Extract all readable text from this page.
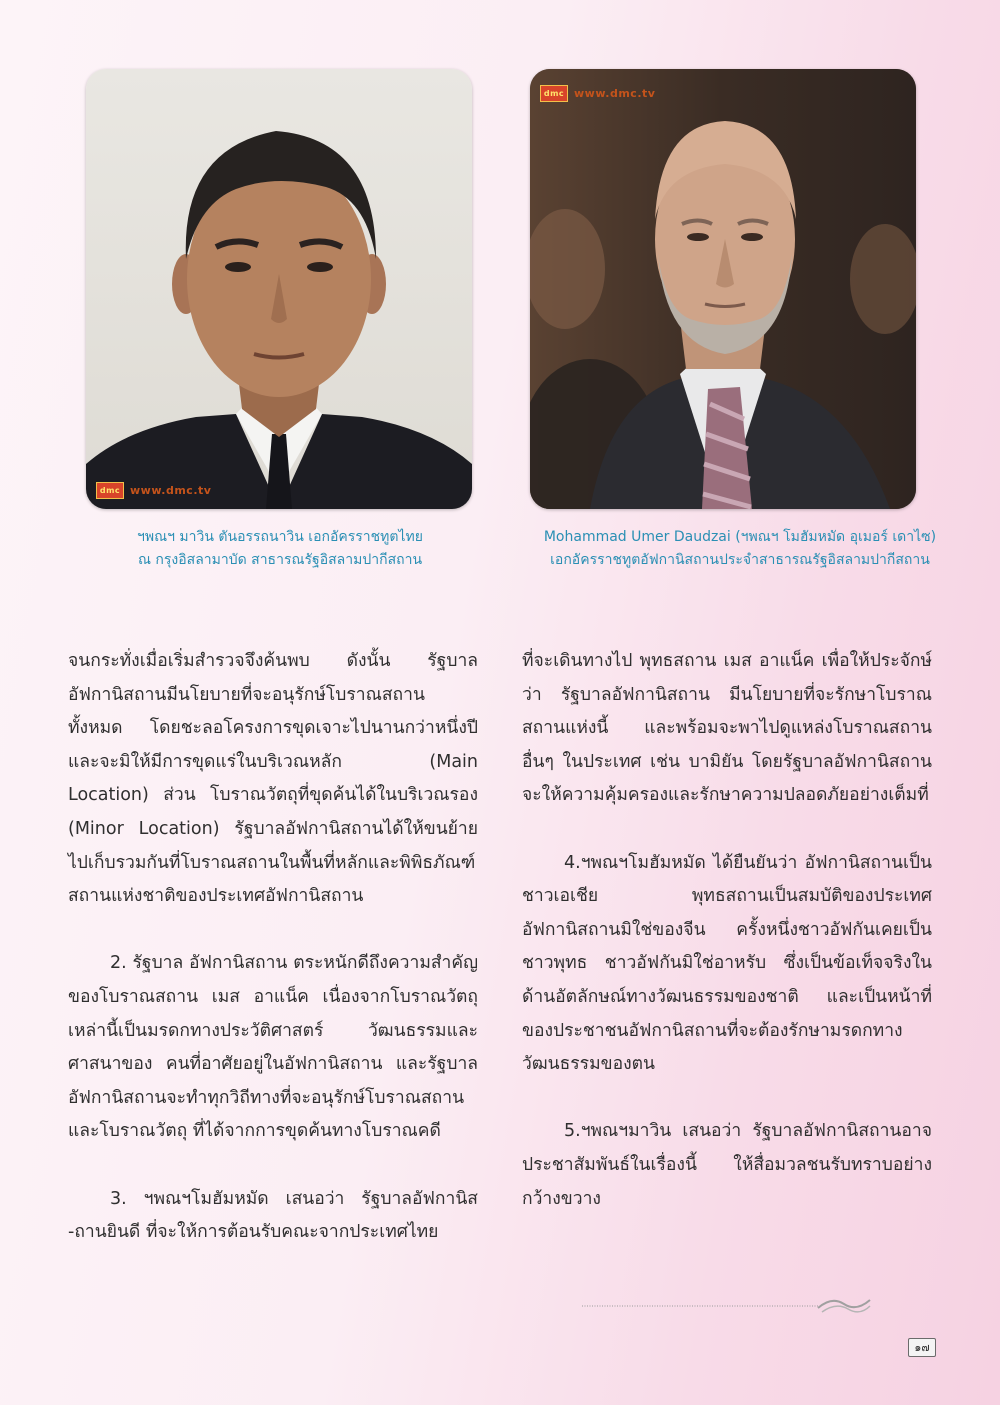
dmc www.dmc.tv
dmc www.dmc.tv
ฯพณฯ มาวิน ตันอรรถนาวิน เอกอัครราชทูตไทย
ณ กรุงอิสลามาบัด สาธารณรัฐอิสลามปากีสถาน
Mohammad Umer Daudzai (ฯพณฯ โมฮัมหมัด อุเมอร์ เดาไซ)
เอกอัครราชทูตอัฟกานิสถานประจำสาธารณรัฐอิสลามปากีสถาน

จนกระทั่งเมื่อเริ่มสำรวจจึงค้นพบ ดังนั้น รัฐบาลอัฟกานิสถานมีนโยบายที่จะอนุรักษ์โบราณสถานทั้งหมด โดยชะลอโครงการขุดเจาะไปนานกว่าหนึ่งปี และจะมิให้มีการขุดแร่ในบริเวณหลัก (Main Location) ส่วน โบราณวัตถุที่ขุดค้นได้ในบริเวณรอง (Minor Location) รัฐบาลอัฟกานิสถานได้ให้ขนย้ายไปเก็บรวมกันที่โบราณสถานในพื้นที่หลักและพิพิธภัณฑ์สถานแห่งชาติของประเทศอัฟกานิสถาน

2. รัฐบาล อัฟกานิสถาน ตระหนักดีถึงความสำคัญของโบราณสถาน เมส อาแน็ค เนื่องจากโบราณวัตถุเหล่านี้เป็นมรดกทางประวัติศาสตร์ วัฒนธรรมและศาสนาของ คนที่อาศัยอยู่ในอัฟกานิสถาน และรัฐบาลอัฟกานิสถานจะทำทุกวิถีทางที่จะอนุรักษ์โบราณสถานและโบราณวัตถุ ที่ได้จากการขุดค้นทางโบราณคดี

3. ฯพณฯโมฮัมหมัด เสนอว่า รัฐบาลอัฟกานิส -ถานยินดี ที่จะให้การต้อนรับคณะจากประเทศไทย

ที่จะเดินทางไป พุทธสถาน เมส อาแน็ค เพื่อให้ประจักษ์ว่า รัฐบาลอัฟกานิสถาน มีนโยบายที่จะรักษาโบราณสถานแห่งนี้ และพร้อมจะพาไปดูแหล่งโบราณสถานอื่นๆ ในประเทศ เช่น บามิยัน โดยรัฐบาลอัฟกานิสถานจะให้ความคุ้มครองและรักษาความปลอดภัยอย่างเต็มที่

4.ฯพณฯโมฮัมหมัด ได้ยืนยันว่า อัฟกานิสถานเป็นชาวเอเชีย พุทธสถานเป็นสมบัติของประเทศอัฟกานิสถานมิใช่ของจีน ครั้งหนึ่งชาวอัฟกันเคยเป็นชาวพุทธ ชาวอัฟกันมิใช่อาหรับ ซึ่งเป็นข้อเท็จจริงในด้านอัตลักษณ์ทางวัฒนธรรมของชาติ และเป็นหน้าที่ของประชาชนอัฟกานิสถานที่จะต้องรักษามรดกทางวัฒนธรรมของตน

5.ฯพณฯมาวิน เสนอว่า รัฐบาลอัฟกานิสถานอาจประชาสัมพันธ์ในเรื่องนี้ ให้สื่อมวลชนรับทราบอย่างกว้างขวาง

๑๗
